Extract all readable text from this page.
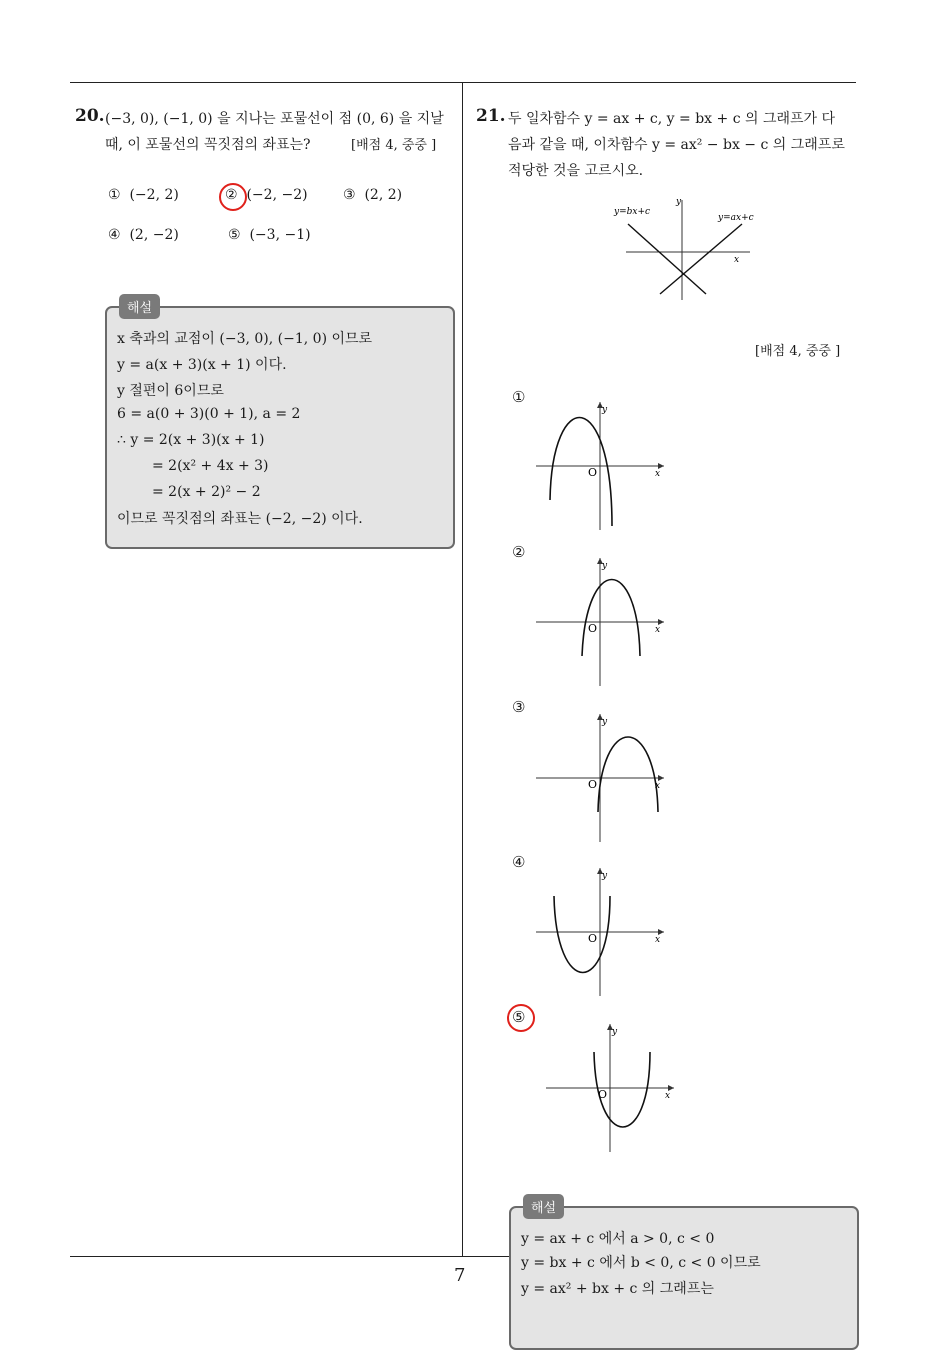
7
20. (−3, 0), (−1, 0) 을 지나는 포물선이 점 (0, 6) 을 지날
때, 이 포물선의 꼭짓점의 좌표는?	[배점 4, 중중 ]
① (−2, 2)	② (−2, −2)	③ (2, 2)
④ (2, −2)	⑤ (−3, −1)
해설
x 축과의 교점이 (−3, 0), (−1, 0) 이므로
y = a(x + 3)(x + 1) 이다.
y 절편이 6이므로
6 = a(0 + 3)(0 + 1), a = 2
∴ y = 2(x + 3)(x + 1)
= 2(x² + 4x + 3)
= 2(x + 2)² − 2
이므로 꼭짓점의 좌표는 (−2, −2) 이다.
21. 두 일차함수 y = ax + c, y = bx + c 의 그래프가 다
음과 같을 때, 이차함수 y = ax² − bx − c 의 그래프로
적당한 것을 고르시오.
y=bx+c
y=ax+c
y
x
[배점 4, 중중 ]
①
O	x
y
②
O	x
y
③
O	x
y
④
O	x
y
⑤
O	x
y
해설
y = ax + c 에서 a > 0, c < 0
y = bx + c 에서 b < 0, c < 0 이므로
y = ax² + bx + c 의 그래프는
